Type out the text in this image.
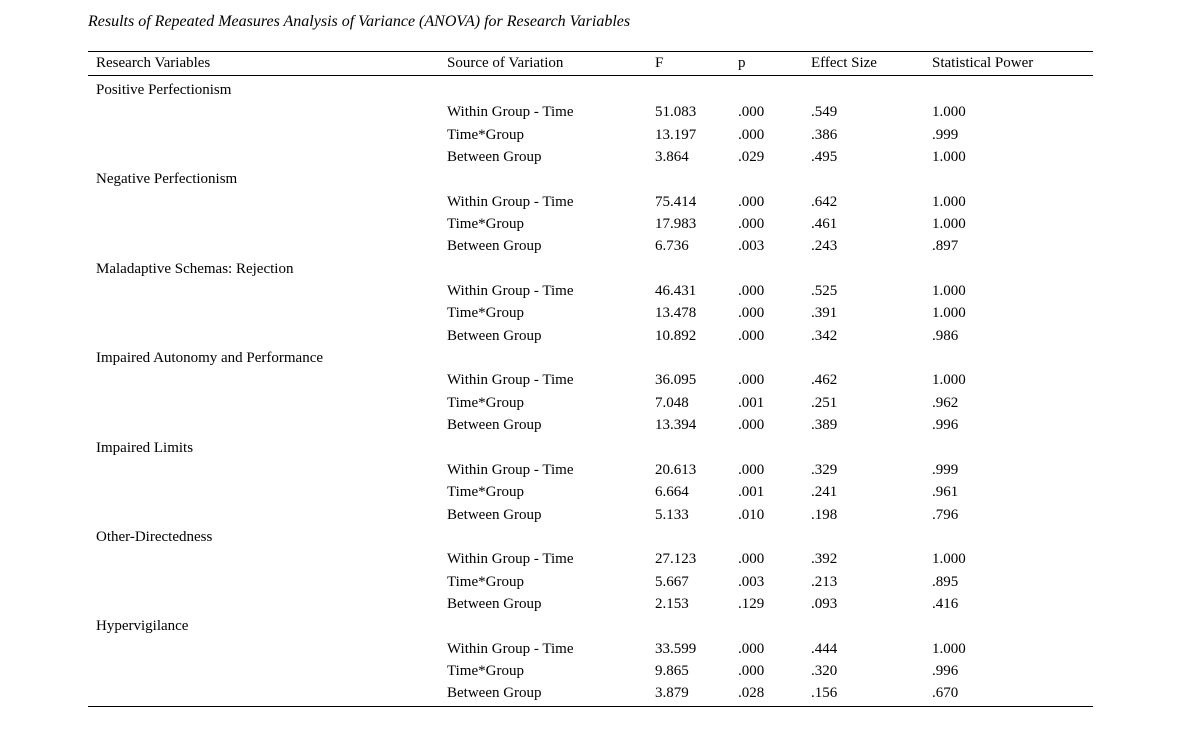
Results of Repeated Measures Analysis of Variance (ANOVA) for Research Variables
Research Variables	Source of Variation	F	p	Effect Size	Statistical Power
Positive Perfectionism
Within Group - Time	51.083	.000	.549	1.000
Time*Group	13.197	.000	.386	.999
Between Group	3.864	.029	.495	1.000
Negative Perfectionism
Within Group - Time	75.414	.000	.642	1.000
Time*Group	17.983	.000	.461	1.000
Between Group	6.736	.003	.243	.897
Maladaptive Schemas: Rejection
Within Group - Time	46.431	.000	.525	1.000
Time*Group	13.478	.000	.391	1.000
Between Group	10.892	.000	.342	.986
Impaired Autonomy and Performance
Within Group - Time	36.095	.000	.462	1.000
Time*Group	7.048	.001	.251	.962
Between Group	13.394	.000	.389	.996
Impaired Limits
Within Group - Time	20.613	.000	.329	.999
Time*Group	6.664	.001	.241	.961
Between Group	5.133	.010	.198	.796
Other-Directedness
Within Group - Time	27.123	.000	.392	1.000
Time*Group	5.667	.003	.213	.895
Between Group	2.153	.129	.093	.416
Hypervigilance
Within Group - Time	33.599	.000	.444	1.000
Time*Group	9.865	.000	.320	.996
Between Group	3.879	.028	.156	.670
